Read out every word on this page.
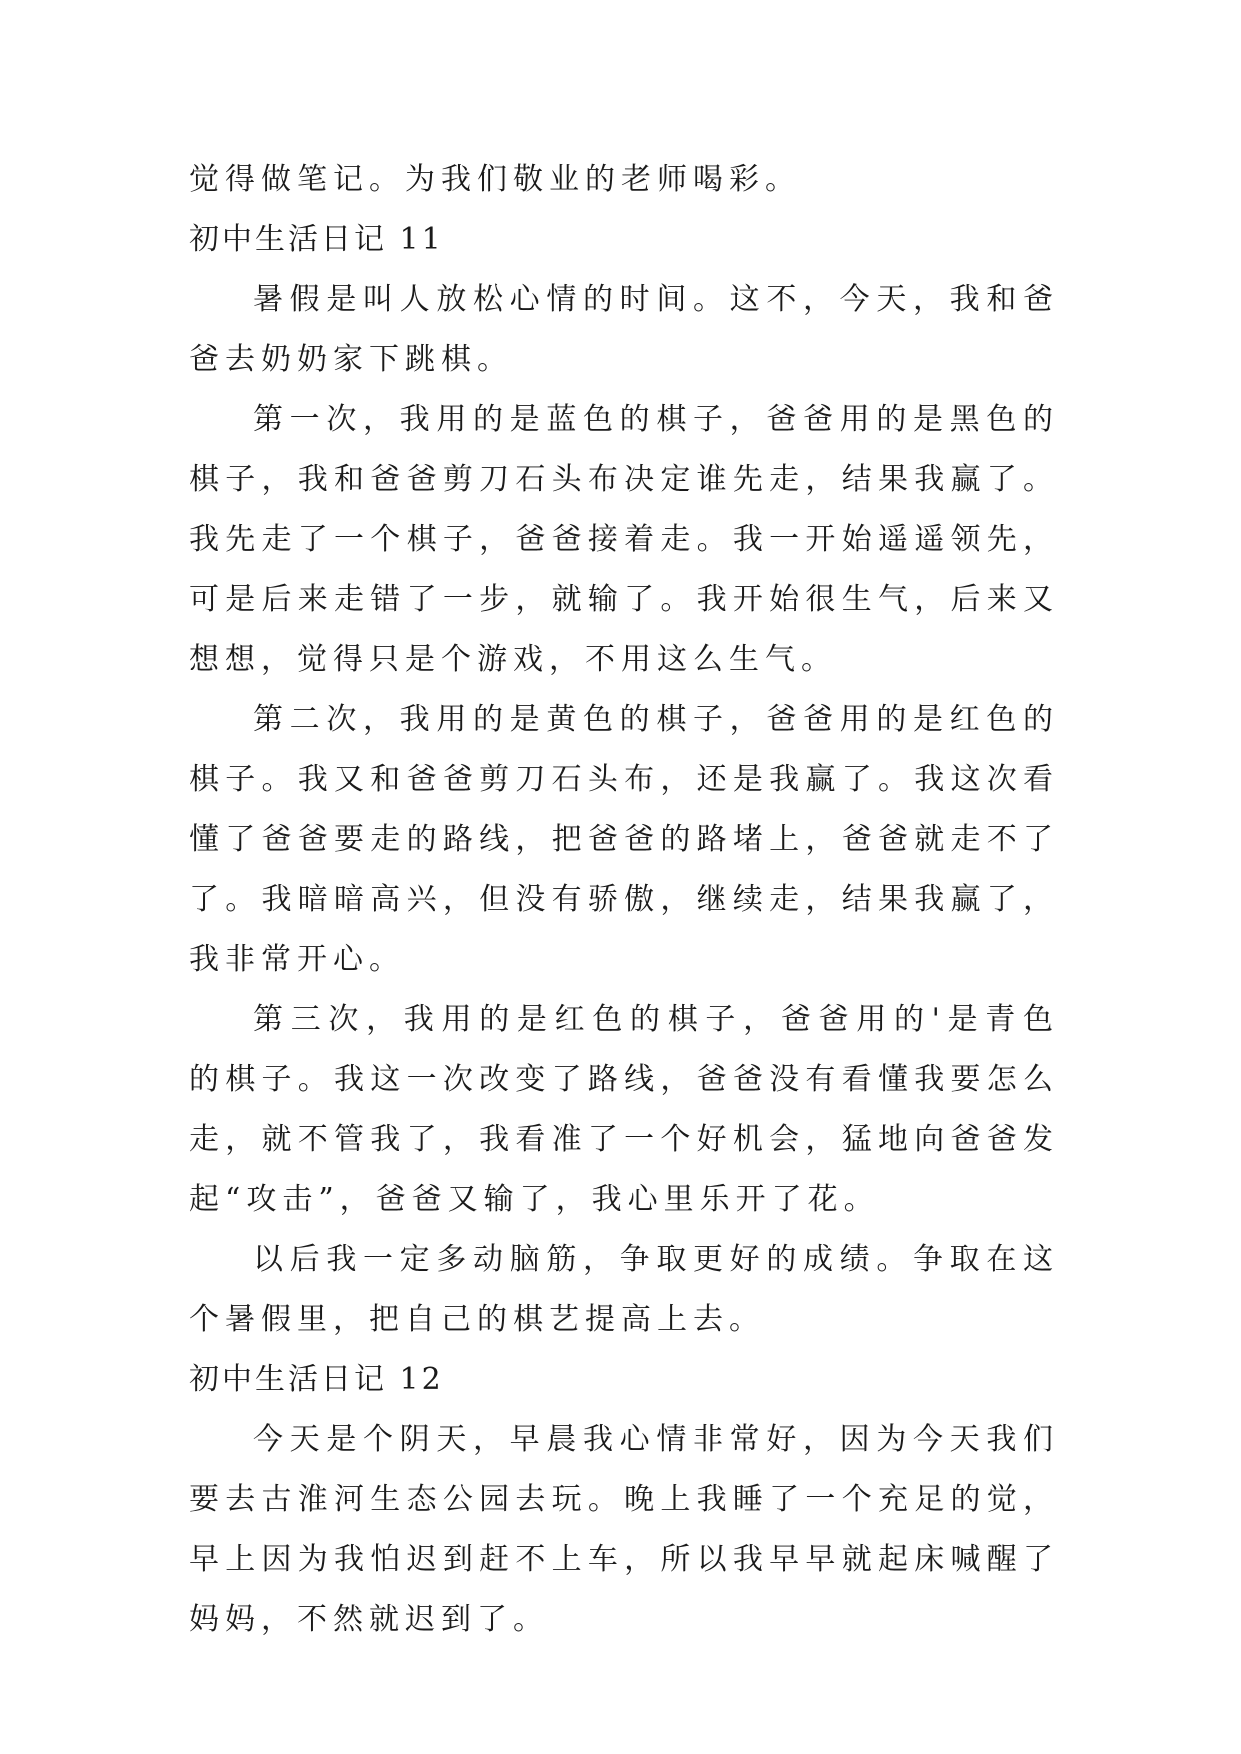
觉得做笔记。为我们敬业的老师喝彩。

初中生活日记 11

暑假是叫人放松心情的时间。这不，今天，我和爸爸去奶奶家下跳棋。

第一次，我用的是蓝色的棋子，爸爸用的是黑色的棋子，我和爸爸剪刀石头布决定谁先走，结果我赢了。我先走了一个棋子，爸爸接着走。我一开始遥遥领先，可是后来走错了一步，就输了。我开始很生气，后来又想想，觉得只是个游戏，不用这么生气。

第二次，我用的是黄色的棋子，爸爸用的是红色的棋子。我又和爸爸剪刀石头布，还是我赢了。我这次看懂了爸爸要走的路线，把爸爸的路堵上，爸爸就走不了了。我暗暗高兴，但没有骄傲，继续走，结果我赢了，我非常开心。

第三次，我用的是红色的棋子，爸爸用的'是青色的棋子。我这一次改变了路线，爸爸没有看懂我要怎么走，就不管我了，我看准了一个好机会，猛地向爸爸发起“攻击”，爸爸又输了，我心里乐开了花。

以后我一定多动脑筋，争取更好的成绩。争取在这个暑假里，把自己的棋艺提高上去。

初中生活日记 12

今天是个阴天，早晨我心情非常好，因为今天我们要去古淮河生态公园去玩。晚上我睡了一个充足的觉，早上因为我怕迟到赶不上车，所以我早早就起床喊醒了妈妈，不然就迟到了。
